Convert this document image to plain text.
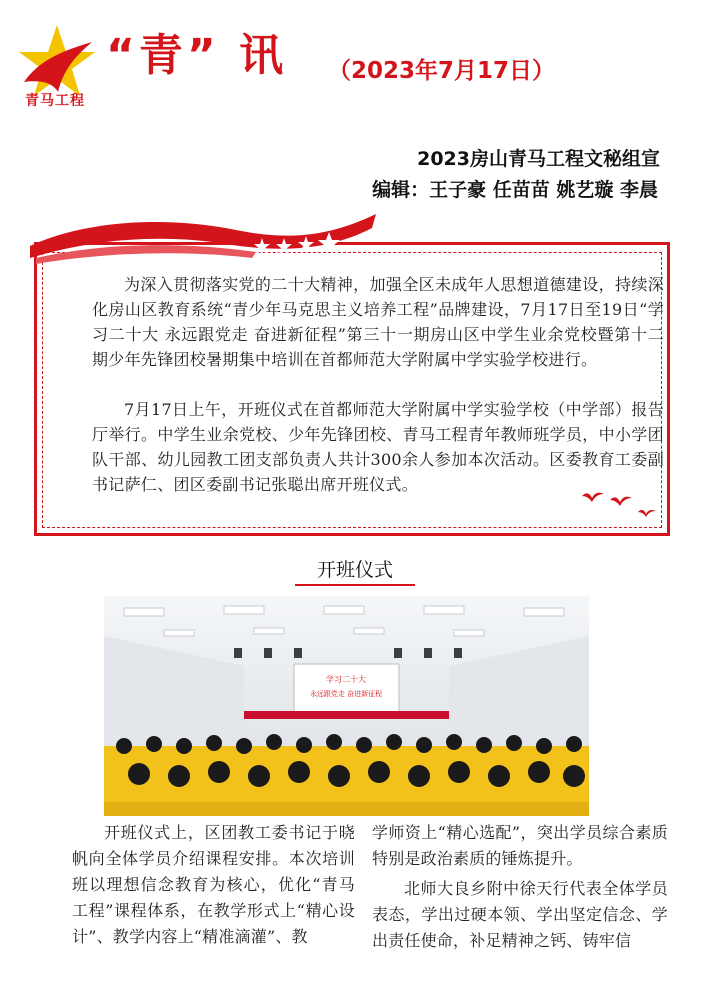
青马工程
“青” 讯 （2023年7月17日）
2023房山青马工程文秘组宣
编辑：王子豪 任苗苗 姚艺璇 李晨
为深入贯彻落实党的二十大精神，加强全区未成年人思想道德建设，持续深化房山区教育系统“青少年马克思主义培养工程”品牌建设，7月17日至19日“学习二十大 永远跟党走 奋进新征程”第三十一期房山区中学生业余党校暨第十二期少年先锋团校暑期集中培训在首都师范大学附属中学实验学校进行。
7月17日上午，开班仪式在首都师范大学附属中学实验学校（中学部）报告厅举行。中学生业余党校、少年先锋团校、青马工程青年教师班学员，中小学团队干部、幼儿园教工团支部负责人共计300余人参加本次活动。区委教育工委副书记萨仁、团区委副书记张聪出席开班仪式。
开班仪式
学习二十大
永远跟党走 奋进新征程
开班仪式上，区团教工委书记于晓帆向全体学员介绍课程安排。本次培训班以理想信念教育为核心，优化“青马工程”课程体系，在教学形式上“精心设计”、教学内容上“精准滴灌”、教
学师资上“精心选配”，突出学员综合素质特别是政治素质的锤炼提升。
北师大良乡附中徐天行代表全体学员表态，学出过硬本领、学出坚定信念、学出责任使命，补足精神之钙、铸牢信
